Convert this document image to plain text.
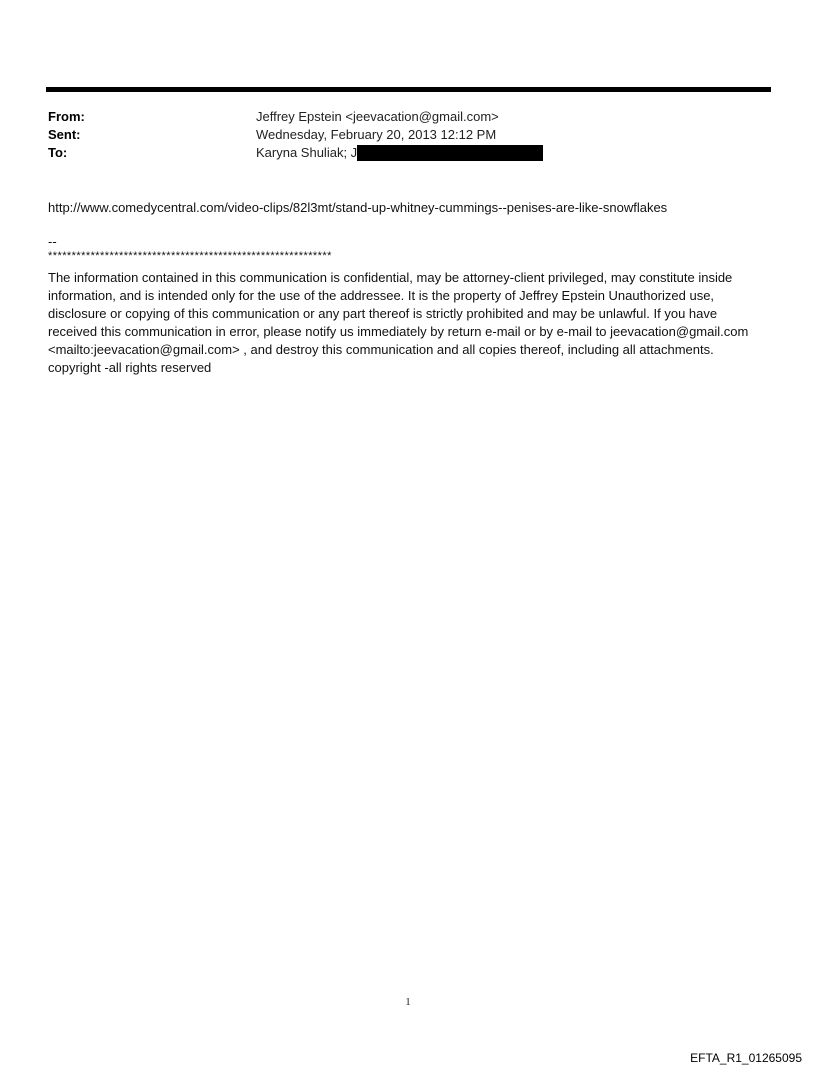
From:	Jeffrey Epstein <jeevacation@gmail.com>
Sent:	Wednesday, February 20, 2013 12:12 PM
To:	Karyna Shuliak; J
http://www.comedycentral.com/video-clips/82l3mt/stand-up-whitney-cummings--penises-are-like-snowflakes
--
************************************************************
The information contained in this communication is confidential, may be attorney-client privileged, may constitute inside information, and is intended only for the use of the addressee. It is the property of Jeffrey Epstein Unauthorized use, disclosure or copying of this communication or any part thereof is strictly prohibited and may be unlawful. If you have received this communication in error, please notify us immediately by return e-mail or by e-mail to jeevacation@gmail.com <mailto:jeevacation@gmail.com> , and destroy this communication and all copies thereof, including all attachments. copyright -all rights reserved
1
EFTA_R1_01265095
